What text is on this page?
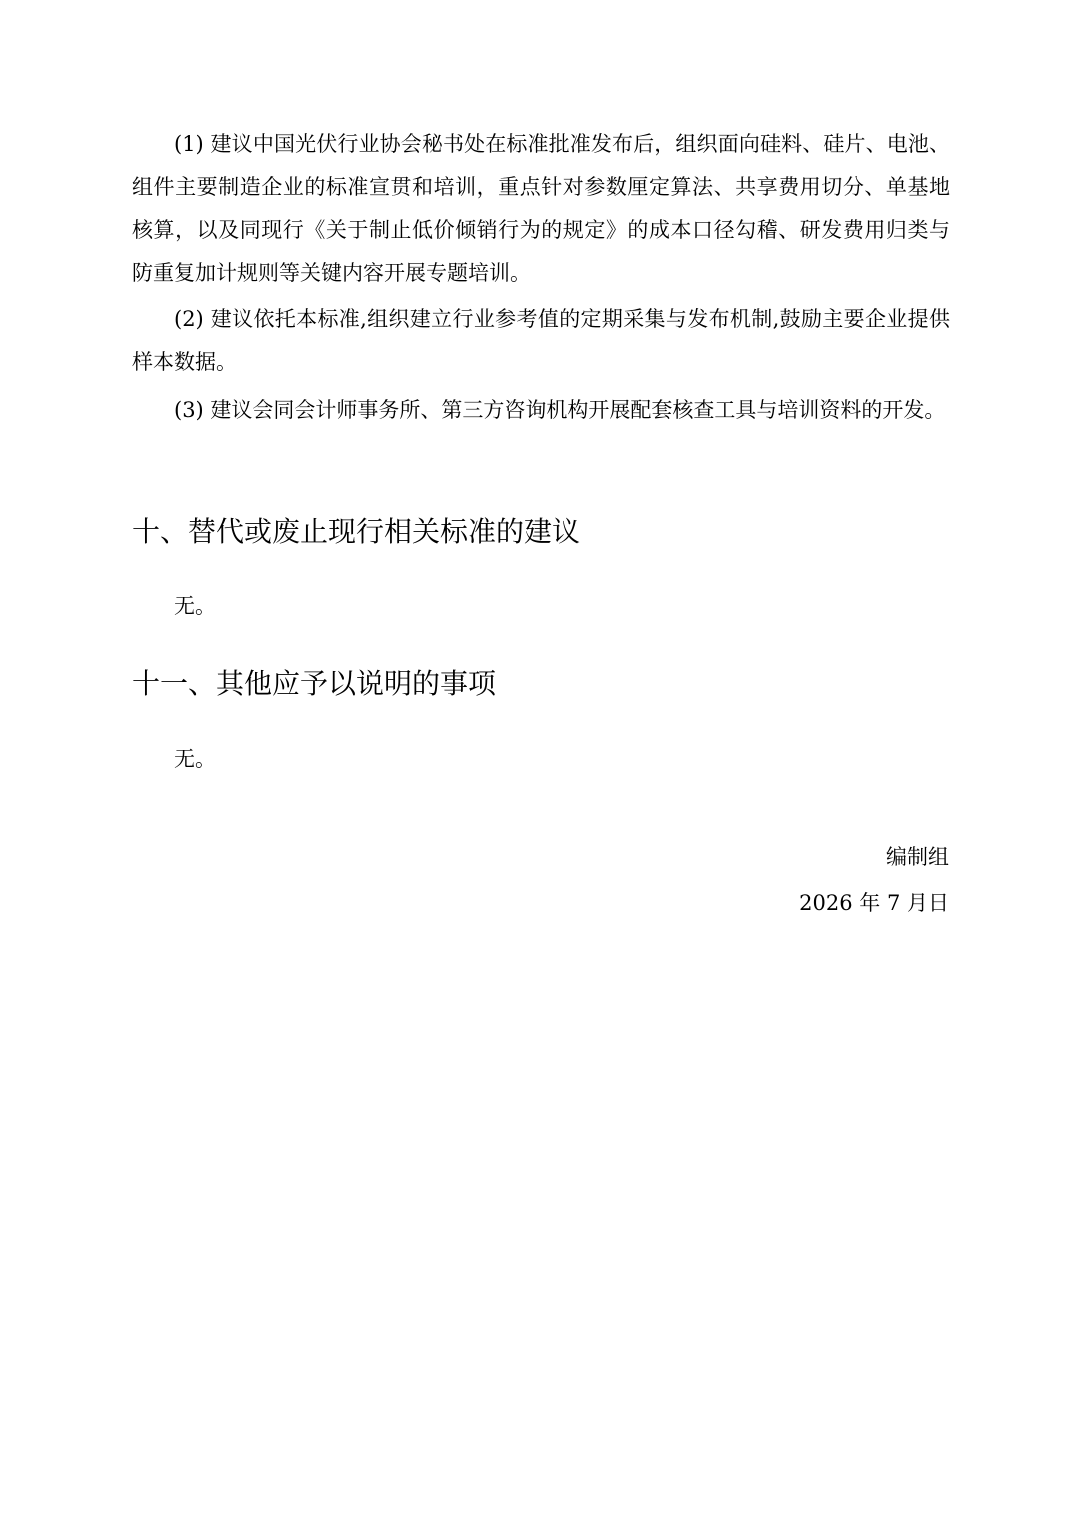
(1) 建议中国光伏行业协会秘书处在标准批准发布后，组织面向硅料、硅片、电池、组件主要制造企业的标准宣贯和培训，重点针对参数厘定算法、共享费用切分、单基地核算，以及同现行《关于制止低价倾销行为的规定》的成本口径勾稽、研发费用归类与防重复加计规则等关键内容开展专题培训。

(2) 建议依托本标准,组织建立行业参考值的定期采集与发布机制,鼓励主要企业提供样本数据。

(3) 建议会同会计师事务所、第三方咨询机构开展配套核查工具与培训资料的开发。

十、替代或废止现行相关标准的建议

无。

十一、其他应予以说明的事项

无。

编制组

2026 年 7 月日
